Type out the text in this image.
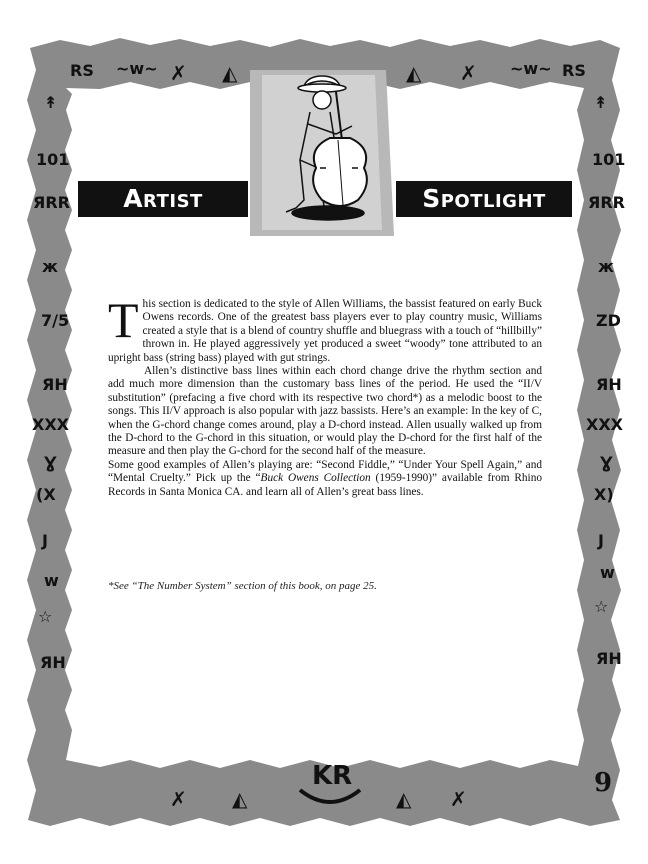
↟
101
ЯRR
ж
7/5
ЯH
XXX
Ɣ
(X
J
w
☆
ЯH
↟
101
ЯRR
ж
ZD
ЯH
XXX
Ɣ
X)
J
w
☆
ЯH
RS ~w~ ✗ ◭	◭ ✗ ~w~ RS
✗ ◭	◭ ✗
KR
Artist	Spotlight

This section is dedicated to the style of Allen Williams, the bassist featured on early Buck Owens records. One of the greatest bass players ever to play country music, Williams created a style that is a blend of country shuffle and bluegrass with a touch of “hillbilly” thrown in. He played aggressively yet produced a sweet “woody” tone attributed to an upright bass (string bass) played with gut strings.

Allen’s distinctive bass lines within each chord change drive the rhythm section and add much more dimension than the customary bass lines of the period. He used the “II/V substitution” (prefacing a five chord with its respective two chord*) as a melodic boost to the songs. This II/V approach is also popular with jazz bassists. Here’s an example: In the key of C, when the G-chord change comes around, play a D-chord instead. Allen usually walked up from the D-chord to the G-chord in this situation, or would play the D-chord for the first half of the measure and then play the G-chord for the second half of the measure.

Some good examples of Allen’s playing are: “Second Fiddle,” “Under Your Spell Again,” and “Mental Cruelty.” Pick up the “Buck Owens Collection (1959-1990)” available from Rhino Records in Santa Monica CA. and learn all of Allen’s great bass lines.

*See “The Number System” section of this book, on page 25.
9
